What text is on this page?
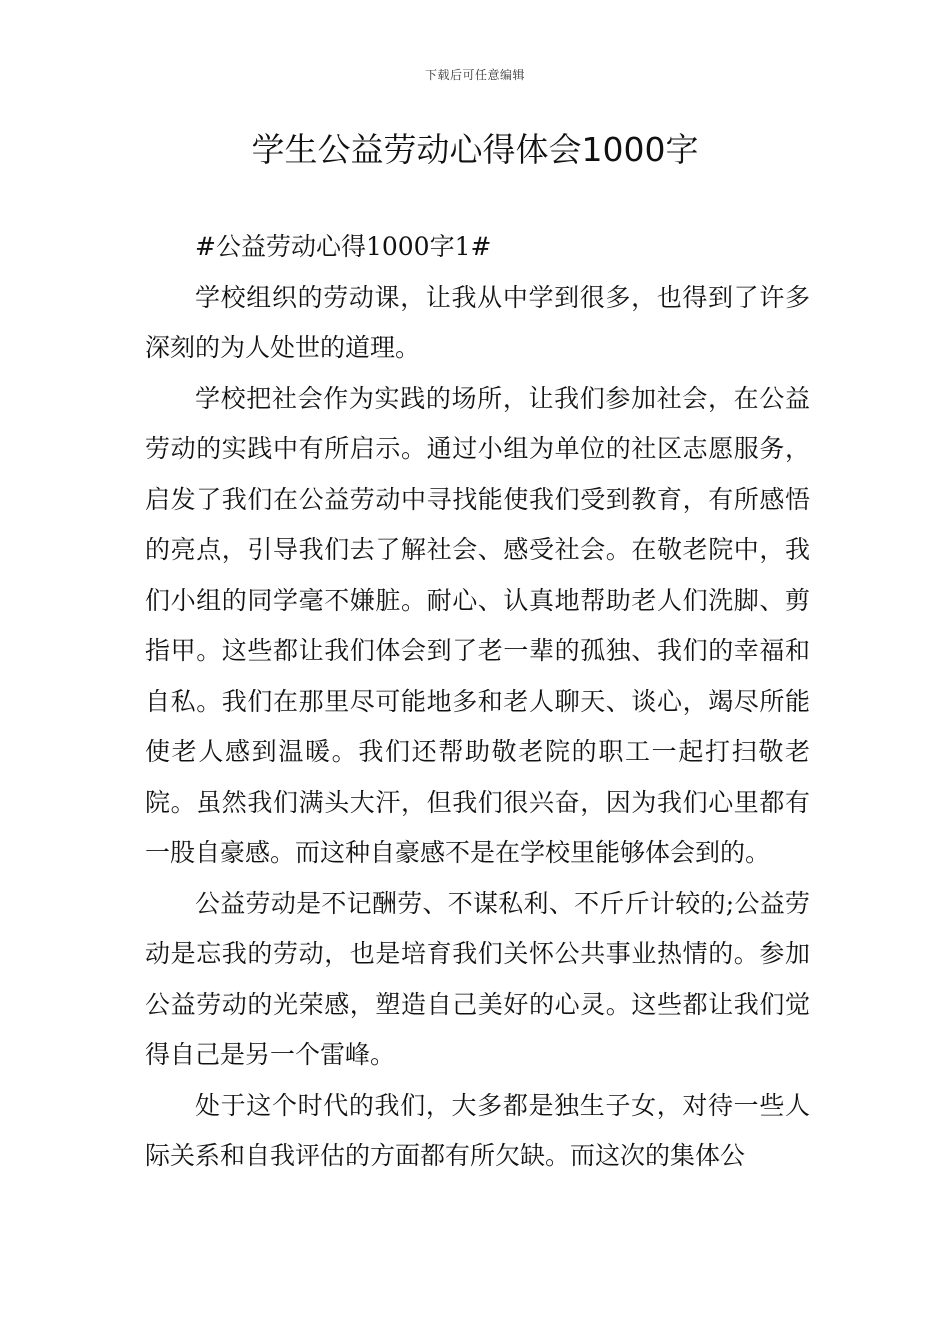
下载后可任意编辑
学生公益劳动心得体会1000字

#公益劳动心得1000字1#

学校组织的劳动课，让我从中学到很多，也得到了许多深刻的为人处世的道理。

学校把社会作为实践的场所，让我们参加社会，在公益劳动的实践中有所启示。通过小组为单位的社区志愿服务，启发了我们在公益劳动中寻找能使我们受到教育，有所感悟的亮点，引导我们去了解社会、感受社会。在敬老院中，我们小组的同学毫不嫌脏。耐心、认真地帮助老人们洗脚、剪指甲。这些都让我们体会到了老一辈的孤独、我们的幸福和自私。我们在那里尽可能地多和老人聊天、谈心，竭尽所能使老人感到温暖。我们还帮助敬老院的职工一起打扫敬老院。虽然我们满头大汗，但我们很兴奋，因为我们心里都有一股自豪感。而这种自豪感不是在学校里能够体会到的。

公益劳动是不记酬劳、不谋私利、不斤斤计较的;公益劳动是忘我的劳动，也是培育我们关怀公共事业热情的。参加公益劳动的光荣感，塑造自己美好的心灵。这些都让我们觉得自己是另一个雷峰。

处于这个时代的我们，大多都是独生子女，对待一些人际关系和自我评估的方面都有所欠缺。而这次的集体公
